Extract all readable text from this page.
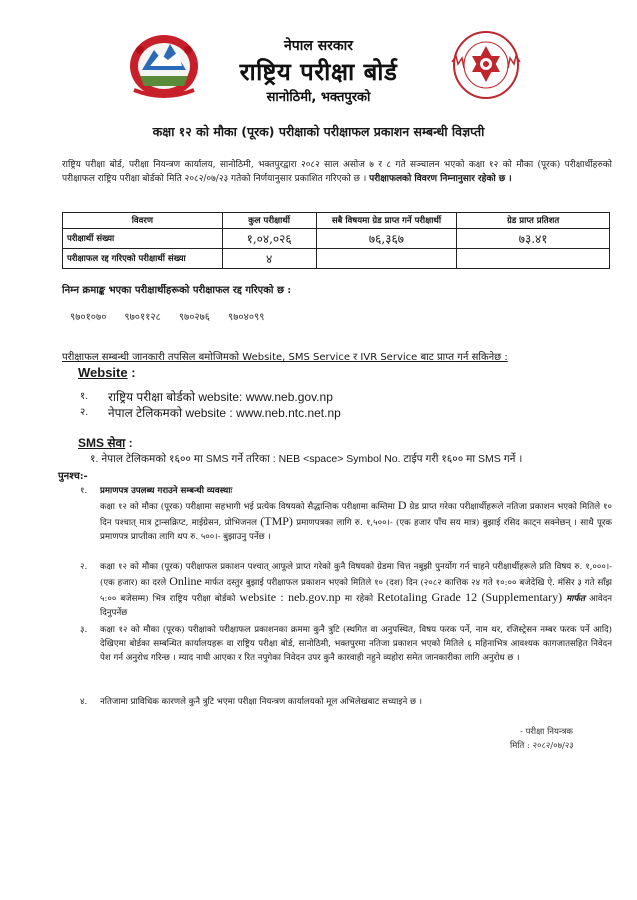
नेपाल सरकार
राष्ट्रिय परीक्षा बोर्ड
सानोठिमी, भक्तपुरको
कक्षा १२ को मौका (पूरक) परीक्षाको परीक्षाफल प्रकाशन सम्बन्धी विज्ञप्ती
राष्ट्रिय परीक्षा बोर्ड, परीक्षा नियन्त्रण कार्यालय, सानोठिमी, भक्तपुरद्वारा २०८२ साल असोज ७ र ८ गते सञ्चालन भएको कक्षा १२ को मौका (पूरक) परीक्षार्थीहरुको परीक्षाफल राष्ट्रिय परीक्षा बोर्डको मिति २०८२/०७/२३ गतेको निर्णयानुसार प्रकाशित गरिएको छ । परीक्षाफलको विवरण निम्नानुसार रहेको छ ।
विवरण	कुल परीक्षार्थी	सबै विषयमा ग्रेड प्राप्त गर्ने परीक्षार्थी	ग्रेड प्राप्त प्रतिशत
परीक्षार्थी संख्या	१,०४,०२६	७६,३६७	७३.४१
परीक्षाफल रद्द गरिएको परीक्षार्थी संख्या	४		
निम्न क्रमाङ्क भएका परीक्षार्थीहरूको परीक्षाफल रद्द गरिएको छ :
९७०१०७० ९७०११२८ ९७०२७६ ९७०४०९९
परीक्षाफल सम्बन्धी जानकारी तपसिल बमोजिमको Website, SMS Service र IVR Service बाट प्राप्त गर्न सकिनेछ :
Website :
१.	राष्ट्रिय परीक्षा बोर्डको website: www.neb.gov.np
२.	नेपाल टेलिकमको website : www.neb.ntc.net.np
SMS सेवा :
१. नेपाल टेलिकमको १६०० मा SMS गर्ने तरिका : NEB <space> Symbol No. टाईप गरी १६०० मा SMS गर्ने ।
पुनश्च:-
१. प्रमाणपत्र उपलब्ध गराउने सम्बन्धी व्यवस्थाः
कक्षा १२ को मौका (पूरक) परीक्षामा सहभागी भई प्रत्येक विषयको सैद्धान्तिक परीक्षामा कम्तिमा D ग्रेड प्राप्त गरेका परीक्षार्थीहरूले नतिजा प्रकाशन भएको मितिले १० दिन पश्चात् मात्र ट्रान्सक्रिप्ट, माईग्रेसन, प्रोभिजनल (TMP) प्रमाणपत्रका लागि रु. १,५००।- (एक हजार पाँच सय मात्र) बुझाई रसिद काट्न सक्नेछन् । साथै पूरक प्रमाणपत्र प्राप्तीका लागि थप रु. ५००।- बुझाउनु पर्नेछ ।
२. कक्षा १२ को मौका (पूरक) परीक्षाफल प्रकाशन पश्चात् आफूले प्राप्त गरेको कुनै विषयको ग्रेडमा चित्त नबुझी पुनर्योग गर्न चाहने परीक्षार्थीहरूले प्रति विषय रु. १,०००।- (एक हजार) का दरले Online मार्फत दस्तुर बुझाई परीक्षाफल प्रकाशन भएको मितिले १० (दश) दिन (२०८२ कात्तिक २४ गते १०:०० बजेदेखि ऐ. मंसिर ३ गते साँझ ५:०० बजेसम्म) भित्र राष्ट्रिय परीक्षा बोर्डको website : neb.gov.np मा रहेको Retotaling Grade 12 (Supplementary) मार्फत आवेदन दिनुपर्नेछ
३. कक्षा १२ को मौका (पूरक) परीक्षाको परीक्षाफल प्रकाशनका क्रममा कुनै त्रुटि (स्थगित वा अनुपस्थित, विषय फरक पर्ने, नाम थर, रजिस्ट्रेसन नम्बर फरक पर्ने आदि) देखिएमा बोर्डका सम्बन्धित कार्यालयहरू वा राष्ट्रिय परीक्षा बोर्ड, सानोठिमी, भक्तपुरमा नतिजा प्रकाशन भएको मितिले ६ महिनाभित्र आवश्यक कागजातसहित निवेदन पेश गर्न अनुरोध गरिन्छ । म्याद नाघी आएका र रित नपुगेका निवेदन उपर कुनै कारवाही नहुने व्यहोरा समेत जानकारीका लागि अनुरोध छ ।
४. नतिजामा प्राविधिक कारणले कुनै त्रुटि भएमा परीक्षा नियन्त्रण कार्यालयको मूल अभिलेखबाट सच्याइने छ ।
- परीक्षा नियन्त्रक
मिति : २०८२/०७/२३
